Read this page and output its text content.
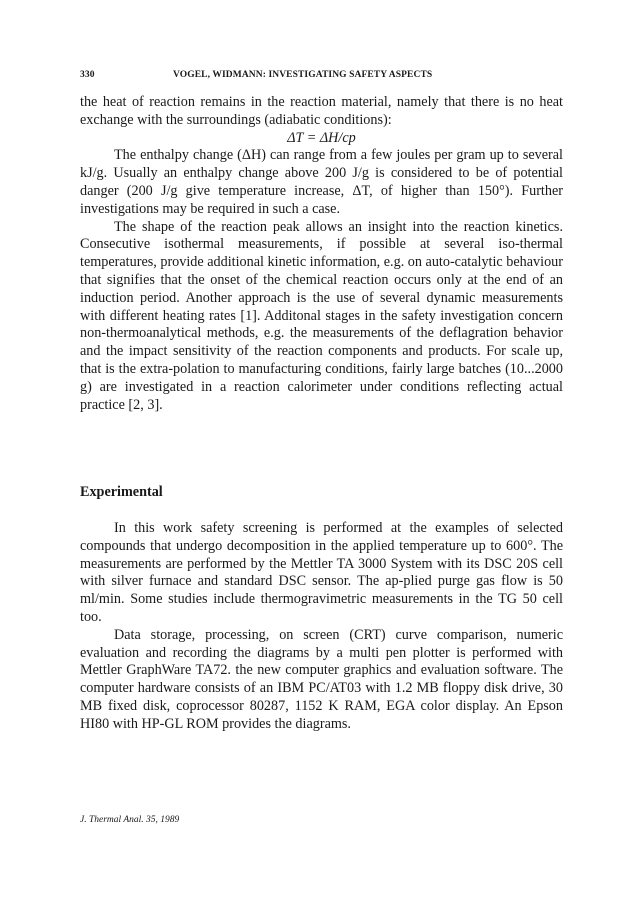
330	VOGEL, WIDMANN: INVESTIGATING SAFETY ASPECTS

the heat of reaction remains in the reaction material, namely that there is no heat exchange with the surroundings (adiabatic conditions):

ΔT = ΔH/cp

The enthalpy change (ΔH) can range from a few joules per gram up to several kJ/g. Usually an enthalpy change above 200 J/g is considered to be of potential danger (200 J/g give temperature increase, ΔT, of higher than 150°). Further investigations may be required in such a case.

The shape of the reaction peak allows an insight into the reaction kinetics. Consecutive isothermal measurements, if possible at several iso-thermal temperatures, provide additional kinetic information, e.g. on auto-catalytic behaviour that signifies that the onset of the chemical reaction occurs only at the end of an induction period. Another approach is the use of several dynamic measurements with different heating rates [1]. Additonal stages in the safety investigation concern non-thermoanalytical methods, e.g. the measurements of the deflagration behavior and the impact sensitivity of the reaction components and products. For scale up, that is the extra-polation to manufacturing conditions, fairly large batches (10...2000 g) are investigated in a reaction calorimeter under conditions reflecting actual practice [2, 3].

Experimental

In this work safety screening is performed at the examples of selected compounds that undergo decomposition in the applied temperature up to 600°. The measurements are performed by the Mettler TA 3000 System with its DSC 20S cell with silver furnace and standard DSC sensor. The ap-plied purge gas flow is 50 ml/min. Some studies include thermogravimetric measurements in the TG 50 cell too.

Data storage, processing, on screen (CRT) curve comparison, numeric evaluation and recording the diagrams by a multi pen plotter is performed with Mettler GraphWare TA72. the new computer graphics and evaluation software. The computer hardware consists of an IBM PC/AT03 with 1.2 MB floppy disk drive, 30 MB fixed disk, coprocessor 80287, 1152 K RAM, EGA color display. An Epson HI80 with HP-GL ROM provides the diagrams.

J. Thermal Anal. 35, 1989
